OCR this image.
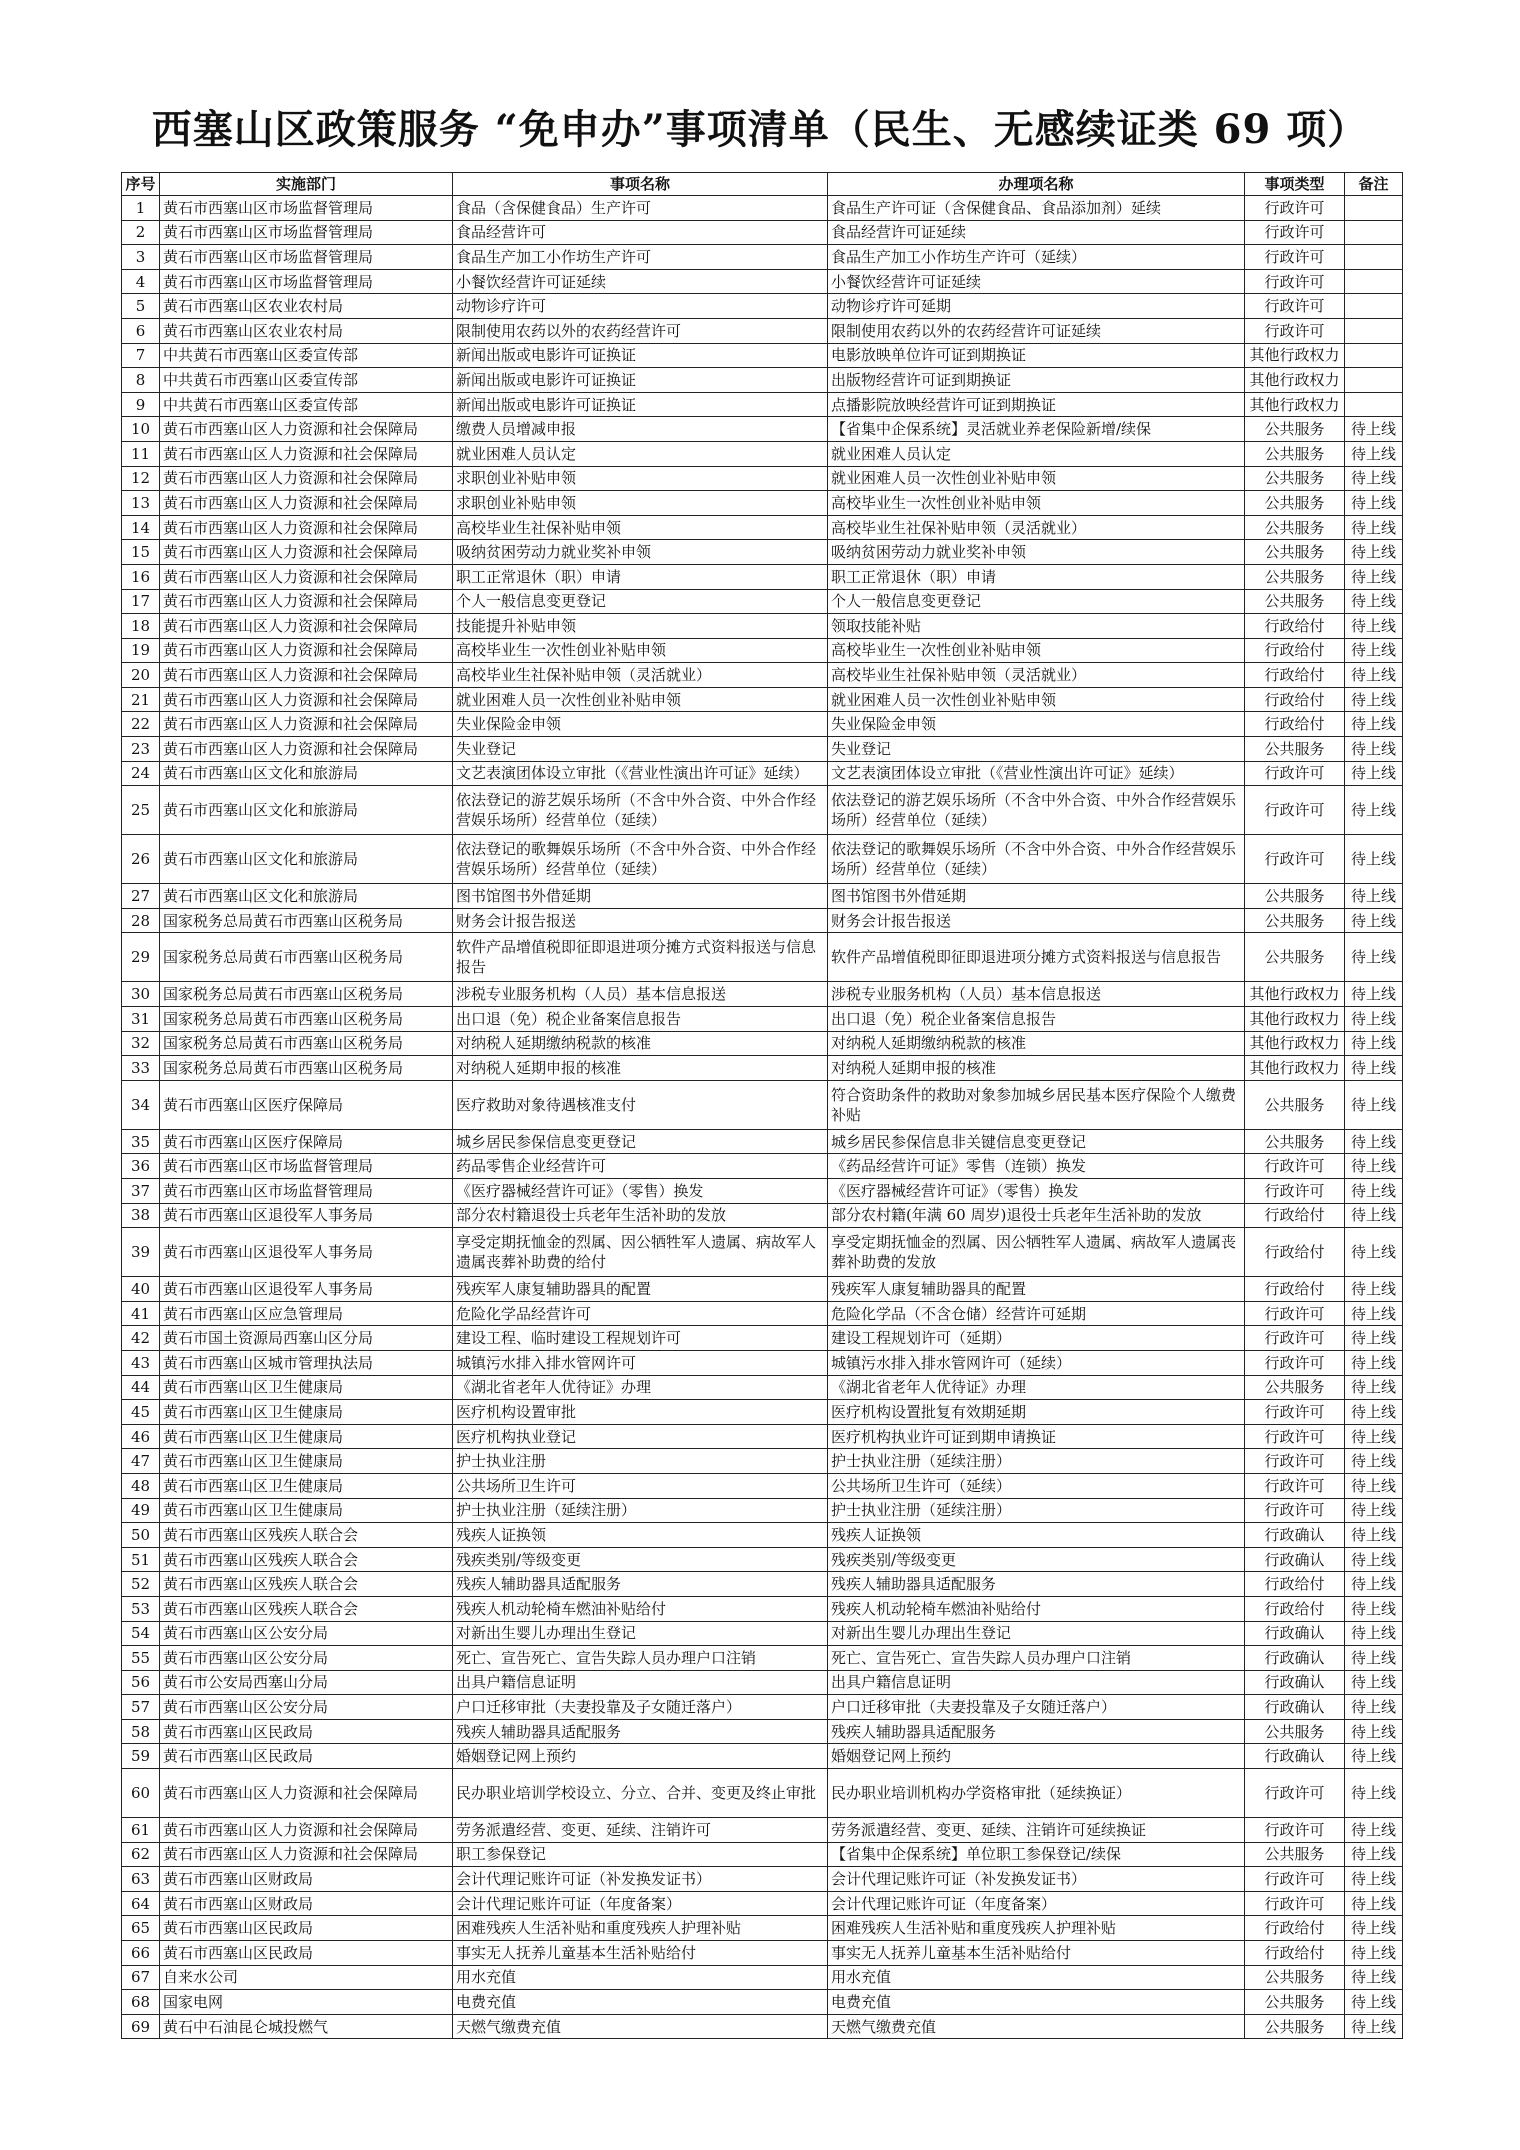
西塞山区政策服务 “免申办”事项清单（民生、无感续证类 69 项）
序号	实施部门	事项名称	办理项名称	事项类型	备注
1	黄石市西塞山区市场监督管理局	食品（含保健食品）生产许可	食品生产许可证（含保健食品、食品添加剂）延续	行政许可	
2	黄石市西塞山区市场监督管理局	食品经营许可	食品经营许可证延续	行政许可	
3	黄石市西塞山区市场监督管理局	食品生产加工小作坊生产许可	食品生产加工小作坊生产许可（延续）	行政许可	
4	黄石市西塞山区市场监督管理局	小餐饮经营许可证延续	小餐饮经营许可证延续	行政许可	
5	黄石市西塞山区农业农村局	动物诊疗许可	动物诊疗许可延期	行政许可	
6	黄石市西塞山区农业农村局	限制使用农药以外的农药经营许可	限制使用农药以外的农药经营许可证延续	行政许可	
7	中共黄石市西塞山区委宣传部	新闻出版或电影许可证换证	电影放映单位许可证到期换证	其他行政权力	
8	中共黄石市西塞山区委宣传部	新闻出版或电影许可证换证	出版物经营许可证到期换证	其他行政权力	
9	中共黄石市西塞山区委宣传部	新闻出版或电影许可证换证	点播影院放映经营许可证到期换证	其他行政权力	
10	黄石市西塞山区人力资源和社会保障局	缴费人员增减申报	【省集中企保系统】灵活就业养老保险新增/续保	公共服务	待上线
11	黄石市西塞山区人力资源和社会保障局	就业困难人员认定	就业困难人员认定	公共服务	待上线
12	黄石市西塞山区人力资源和社会保障局	求职创业补贴申领	就业困难人员一次性创业补贴申领	公共服务	待上线
13	黄石市西塞山区人力资源和社会保障局	求职创业补贴申领	高校毕业生一次性创业补贴申领	公共服务	待上线
14	黄石市西塞山区人力资源和社会保障局	高校毕业生社保补贴申领	高校毕业生社保补贴申领（灵活就业）	公共服务	待上线
15	黄石市西塞山区人力资源和社会保障局	吸纳贫困劳动力就业奖补申领	吸纳贫困劳动力就业奖补申领	公共服务	待上线
16	黄石市西塞山区人力资源和社会保障局	职工正常退休（职）申请	职工正常退休（职）申请	公共服务	待上线
17	黄石市西塞山区人力资源和社会保障局	个人一般信息变更登记	个人一般信息变更登记	公共服务	待上线
18	黄石市西塞山区人力资源和社会保障局	技能提升补贴申领	领取技能补贴	行政给付	待上线
19	黄石市西塞山区人力资源和社会保障局	高校毕业生一次性创业补贴申领	高校毕业生一次性创业补贴申领	行政给付	待上线
20	黄石市西塞山区人力资源和社会保障局	高校毕业生社保补贴申领（灵活就业）	高校毕业生社保补贴申领（灵活就业）	行政给付	待上线
21	黄石市西塞山区人力资源和社会保障局	就业困难人员一次性创业补贴申领	就业困难人员一次性创业补贴申领	行政给付	待上线
22	黄石市西塞山区人力资源和社会保障局	失业保险金申领	失业保险金申领	行政给付	待上线
23	黄石市西塞山区人力资源和社会保障局	失业登记	失业登记	公共服务	待上线
24	黄石市西塞山区文化和旅游局	文艺表演团体设立审批（《营业性演出许可证》延续）	文艺表演团体设立审批（《营业性演出许可证》延续）	行政许可	待上线
25	黄石市西塞山区文化和旅游局	依法登记的游艺娱乐场所（不含中外合资、中外合作经营娱乐场所）经营单位（延续）	依法登记的游艺娱乐场所（不含中外合资、中外合作经营娱乐场所）经营单位（延续）	行政许可	待上线
26	黄石市西塞山区文化和旅游局	依法登记的歌舞娱乐场所（不含中外合资、中外合作经营娱乐场所）经营单位（延续）	依法登记的歌舞娱乐场所（不含中外合资、中外合作经营娱乐场所）经营单位（延续）	行政许可	待上线
27	黄石市西塞山区文化和旅游局	图书馆图书外借延期	图书馆图书外借延期	公共服务	待上线
28	国家税务总局黄石市西塞山区税务局	财务会计报告报送	财务会计报告报送	公共服务	待上线
29	国家税务总局黄石市西塞山区税务局	软件产品增值税即征即退进项分摊方式资料报送与信息报告	软件产品增值税即征即退进项分摊方式资料报送与信息报告	公共服务	待上线
30	国家税务总局黄石市西塞山区税务局	涉税专业服务机构（人员）基本信息报送	涉税专业服务机构（人员）基本信息报送	其他行政权力	待上线
31	国家税务总局黄石市西塞山区税务局	出口退（免）税企业备案信息报告	出口退（免）税企业备案信息报告	其他行政权力	待上线
32	国家税务总局黄石市西塞山区税务局	对纳税人延期缴纳税款的核准	对纳税人延期缴纳税款的核准	其他行政权力	待上线
33	国家税务总局黄石市西塞山区税务局	对纳税人延期申报的核准	对纳税人延期申报的核准	其他行政权力	待上线
34	黄石市西塞山区医疗保障局	医疗救助对象待遇核准支付	符合资助条件的救助对象参加城乡居民基本医疗保险个人缴费补贴	公共服务	待上线
35	黄石市西塞山区医疗保障局	城乡居民参保信息变更登记	城乡居民参保信息非关键信息变更登记	公共服务	待上线
36	黄石市西塞山区市场监督管理局	药品零售企业经营许可	《药品经营许可证》零售（连锁）换发	行政许可	待上线
37	黄石市西塞山区市场监督管理局	《医疗器械经营许可证》（零售）换发	《医疗器械经营许可证》（零售）换发	行政许可	待上线
38	黄石市西塞山区退役军人事务局	部分农村籍退役士兵老年生活补助的发放	部分农村籍(年满 60 周岁)退役士兵老年生活补助的发放	行政给付	待上线
39	黄石市西塞山区退役军人事务局	享受定期抚恤金的烈属、因公牺牲军人遗属、病故军人遗属丧葬补助费的给付	享受定期抚恤金的烈属、因公牺牲军人遗属、病故军人遗属丧葬补助费的发放	行政给付	待上线
40	黄石市西塞山区退役军人事务局	残疾军人康复辅助器具的配置	残疾军人康复辅助器具的配置	行政给付	待上线
41	黄石市西塞山区应急管理局	危险化学品经营许可	危险化学品（不含仓储）经营许可延期	行政许可	待上线
42	黄石市国土资源局西塞山区分局	建设工程、临时建设工程规划许可	建设工程规划许可（延期）	行政许可	待上线
43	黄石市西塞山区城市管理执法局	城镇污水排入排水管网许可	城镇污水排入排水管网许可（延续）	行政许可	待上线
44	黄石市西塞山区卫生健康局	《湖北省老年人优待证》办理	《湖北省老年人优待证》办理	公共服务	待上线
45	黄石市西塞山区卫生健康局	医疗机构设置审批	医疗机构设置批复有效期延期	行政许可	待上线
46	黄石市西塞山区卫生健康局	医疗机构执业登记	医疗机构执业许可证到期申请换证	行政许可	待上线
47	黄石市西塞山区卫生健康局	护士执业注册	护士执业注册（延续注册）	行政许可	待上线
48	黄石市西塞山区卫生健康局	公共场所卫生许可	公共场所卫生许可（延续）	行政许可	待上线
49	黄石市西塞山区卫生健康局	护士执业注册（延续注册）	护士执业注册（延续注册）	行政许可	待上线
50	黄石市西塞山区残疾人联合会	残疾人证换领	残疾人证换领	行政确认	待上线
51	黄石市西塞山区残疾人联合会	残疾类别/等级变更	残疾类别/等级变更	行政确认	待上线
52	黄石市西塞山区残疾人联合会	残疾人辅助器具适配服务	残疾人辅助器具适配服务	行政给付	待上线
53	黄石市西塞山区残疾人联合会	残疾人机动轮椅车燃油补贴给付	残疾人机动轮椅车燃油补贴给付	行政给付	待上线
54	黄石市西塞山区公安分局	对新出生婴儿办理出生登记	对新出生婴儿办理出生登记	行政确认	待上线
55	黄石市西塞山区公安分局	死亡、宣告死亡、宣告失踪人员办理户口注销	死亡、宣告死亡、宣告失踪人员办理户口注销	行政确认	待上线
56	黄石市公安局西塞山分局	出具户籍信息证明	出具户籍信息证明	行政确认	待上线
57	黄石市西塞山区公安分局	户口迁移审批（夫妻投靠及子女随迁落户）	户口迁移审批（夫妻投靠及子女随迁落户）	行政确认	待上线
58	黄石市西塞山区民政局	残疾人辅助器具适配服务	残疾人辅助器具适配服务	公共服务	待上线
59	黄石市西塞山区民政局	婚姻登记网上预约	婚姻登记网上预约	行政确认	待上线
60	黄石市西塞山区人力资源和社会保障局	民办职业培训学校设立、分立、合并、变更及终止审批	民办职业培训机构办学资格审批（延续换证）	行政许可	待上线
61	黄石市西塞山区人力资源和社会保障局	劳务派遣经营、变更、延续、注销许可	劳务派遣经营、变更、延续、注销许可延续换证	行政许可	待上线
62	黄石市西塞山区人力资源和社会保障局	职工参保登记	【省集中企保系统】单位职工参保登记/续保	公共服务	待上线
63	黄石市西塞山区财政局	会计代理记账许可证（补发换发证书）	会计代理记账许可证（补发换发证书）	行政许可	待上线
64	黄石市西塞山区财政局	会计代理记账许可证（年度备案）	会计代理记账许可证（年度备案）	行政许可	待上线
65	黄石市西塞山区民政局	困难残疾人生活补贴和重度残疾人护理补贴	困难残疾人生活补贴和重度残疾人护理补贴	行政给付	待上线
66	黄石市西塞山区民政局	事实无人抚养儿童基本生活补贴给付	事实无人抚养儿童基本生活补贴给付	行政给付	待上线
67	自来水公司	用水充值	用水充值	公共服务	待上线
68	国家电网	电费充值	电费充值	公共服务	待上线
69	黄石中石油昆仑城投燃气	天燃气缴费充值	天燃气缴费充值	公共服务	待上线
